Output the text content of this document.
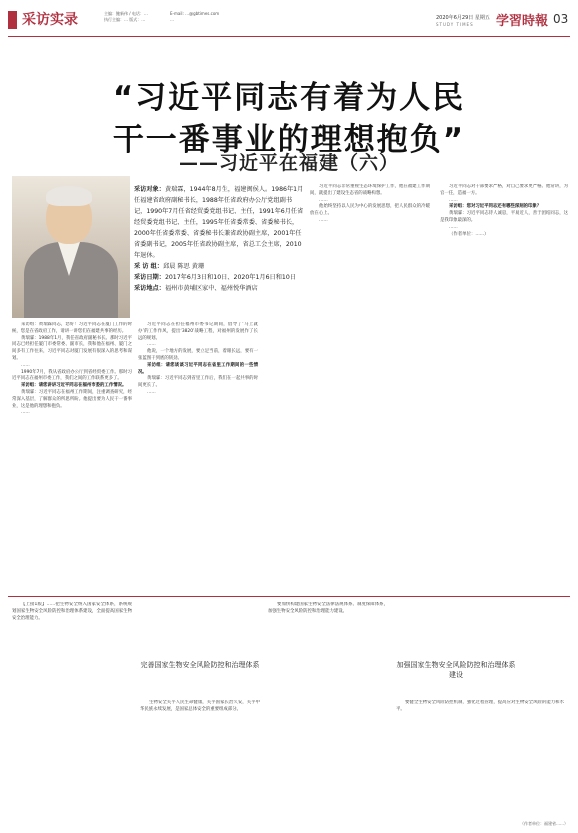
采访实录	主编：鲍新伟 / 电话：…
执行主编：… 版式：…
E-mail: …@gbtimes.com
…	2020年6月29日 星期五
STUDY TIMES 学習時報 03
“习近平同志有着为人民
干一番事业的理想抱负”
——习近平在福建（六）
采访对象：黄瑞霖，1944年8月生，福建闽侯人。1986年1月任福建省政府副秘书长，1988年任省政府办公厅党组副书记，1990年7月任省经贸委党组书记、主任，1991年6月任省经贸委党组书记、主任，1995年任省委常委、省委秘书长，2000年任省委常委、省委秘书长兼省政协副主席，2001年任省委副书记，2005年任省政协副主席，省总工会主席，2010年退休。
采 访 组：邱晨 陈思 黄珊
采访日期：2017年6月3日和10日、2020年1月6日和10日
采访地点：福州市黄埔区家中、福州悦华酒店

采访组：黄瑞霖同志，您好！习近平同志在厦门工作的时候，您是在省政府工作，请讲一讲您们在福建共事的经历。

黄瑞霖：1988年1月，我任省政府副秘书长。那时习近平同志已经担任厦门市委常委、副市长，我和他在福州、厦门之间多有工作往来，习近平同志对厦门发展有很深入的思考和谋划。

……

1990年7月，我从省政府办公厅到省经贸委工作。那时习近平同志在福州市委工作，我们之间的工作联系更多了。

采访组：请您讲讲习近平同志在福州市委的工作情况。

黄瑞霖：习近平同志在福州工作期间，注重调查研究，经常深入基层，了解群众的所思所盼。他提出要为人民干一番事业，这是他的理想和抱负。

……

习近平同志在担任福州市委书记期间，倡导了‘马上就办’的工作作风，提出‘3820’战略工程，对福州的发展作了长远的规划。

……

他说，一个地方的发展，要立足当前，着眼长远，要有一张蓝图干到底的韧劲。

采访组：请您谈谈习近平同志在省里工作期间的一些情况。

黄瑞霖：习近平同志到省里工作后，我们在一起共事的时间更长了。

……

习近平同志非常重视生态环境保护工作，他在福建工作期间，就提出了建设生态省的战略构想。

……

他始终坚持以人民为中心的发展思想，把人民群众的冷暖放在心上。

……

习近平同志对干部要求严格，对自己要求更严格。他常讲，为官一任，造福一方。

……

采访组：您对习近平同志还有哪些深刻的印象？

黄瑞霖：习近平同志待人诚恳，平易近人，善于团结同志，这是我印象最深的。

……

（作者单位：……）

【上接1版】……把生物安全纳入国家安全体系，系统规划国家生物安全风险防控和治理体系建设，全面提高国家生物安全治理能力。

完善国家生物安全风险防控和治理体系

生物安全关乎人民生命健康，关乎国家长治久安，关乎中华民族永续发展，是国家总体安全的重要组成部分。

要加快构建国家生物安全法律法规体系、制度保障体系，加强生物安全风险防控和治理能力建设。

加强国家生物安全风险防控和治理体系建设

要健全生物安全风险防控机制，强化过程管理，提高应对生物安全风险的能力和水平。

（作者单位：福建省……）
